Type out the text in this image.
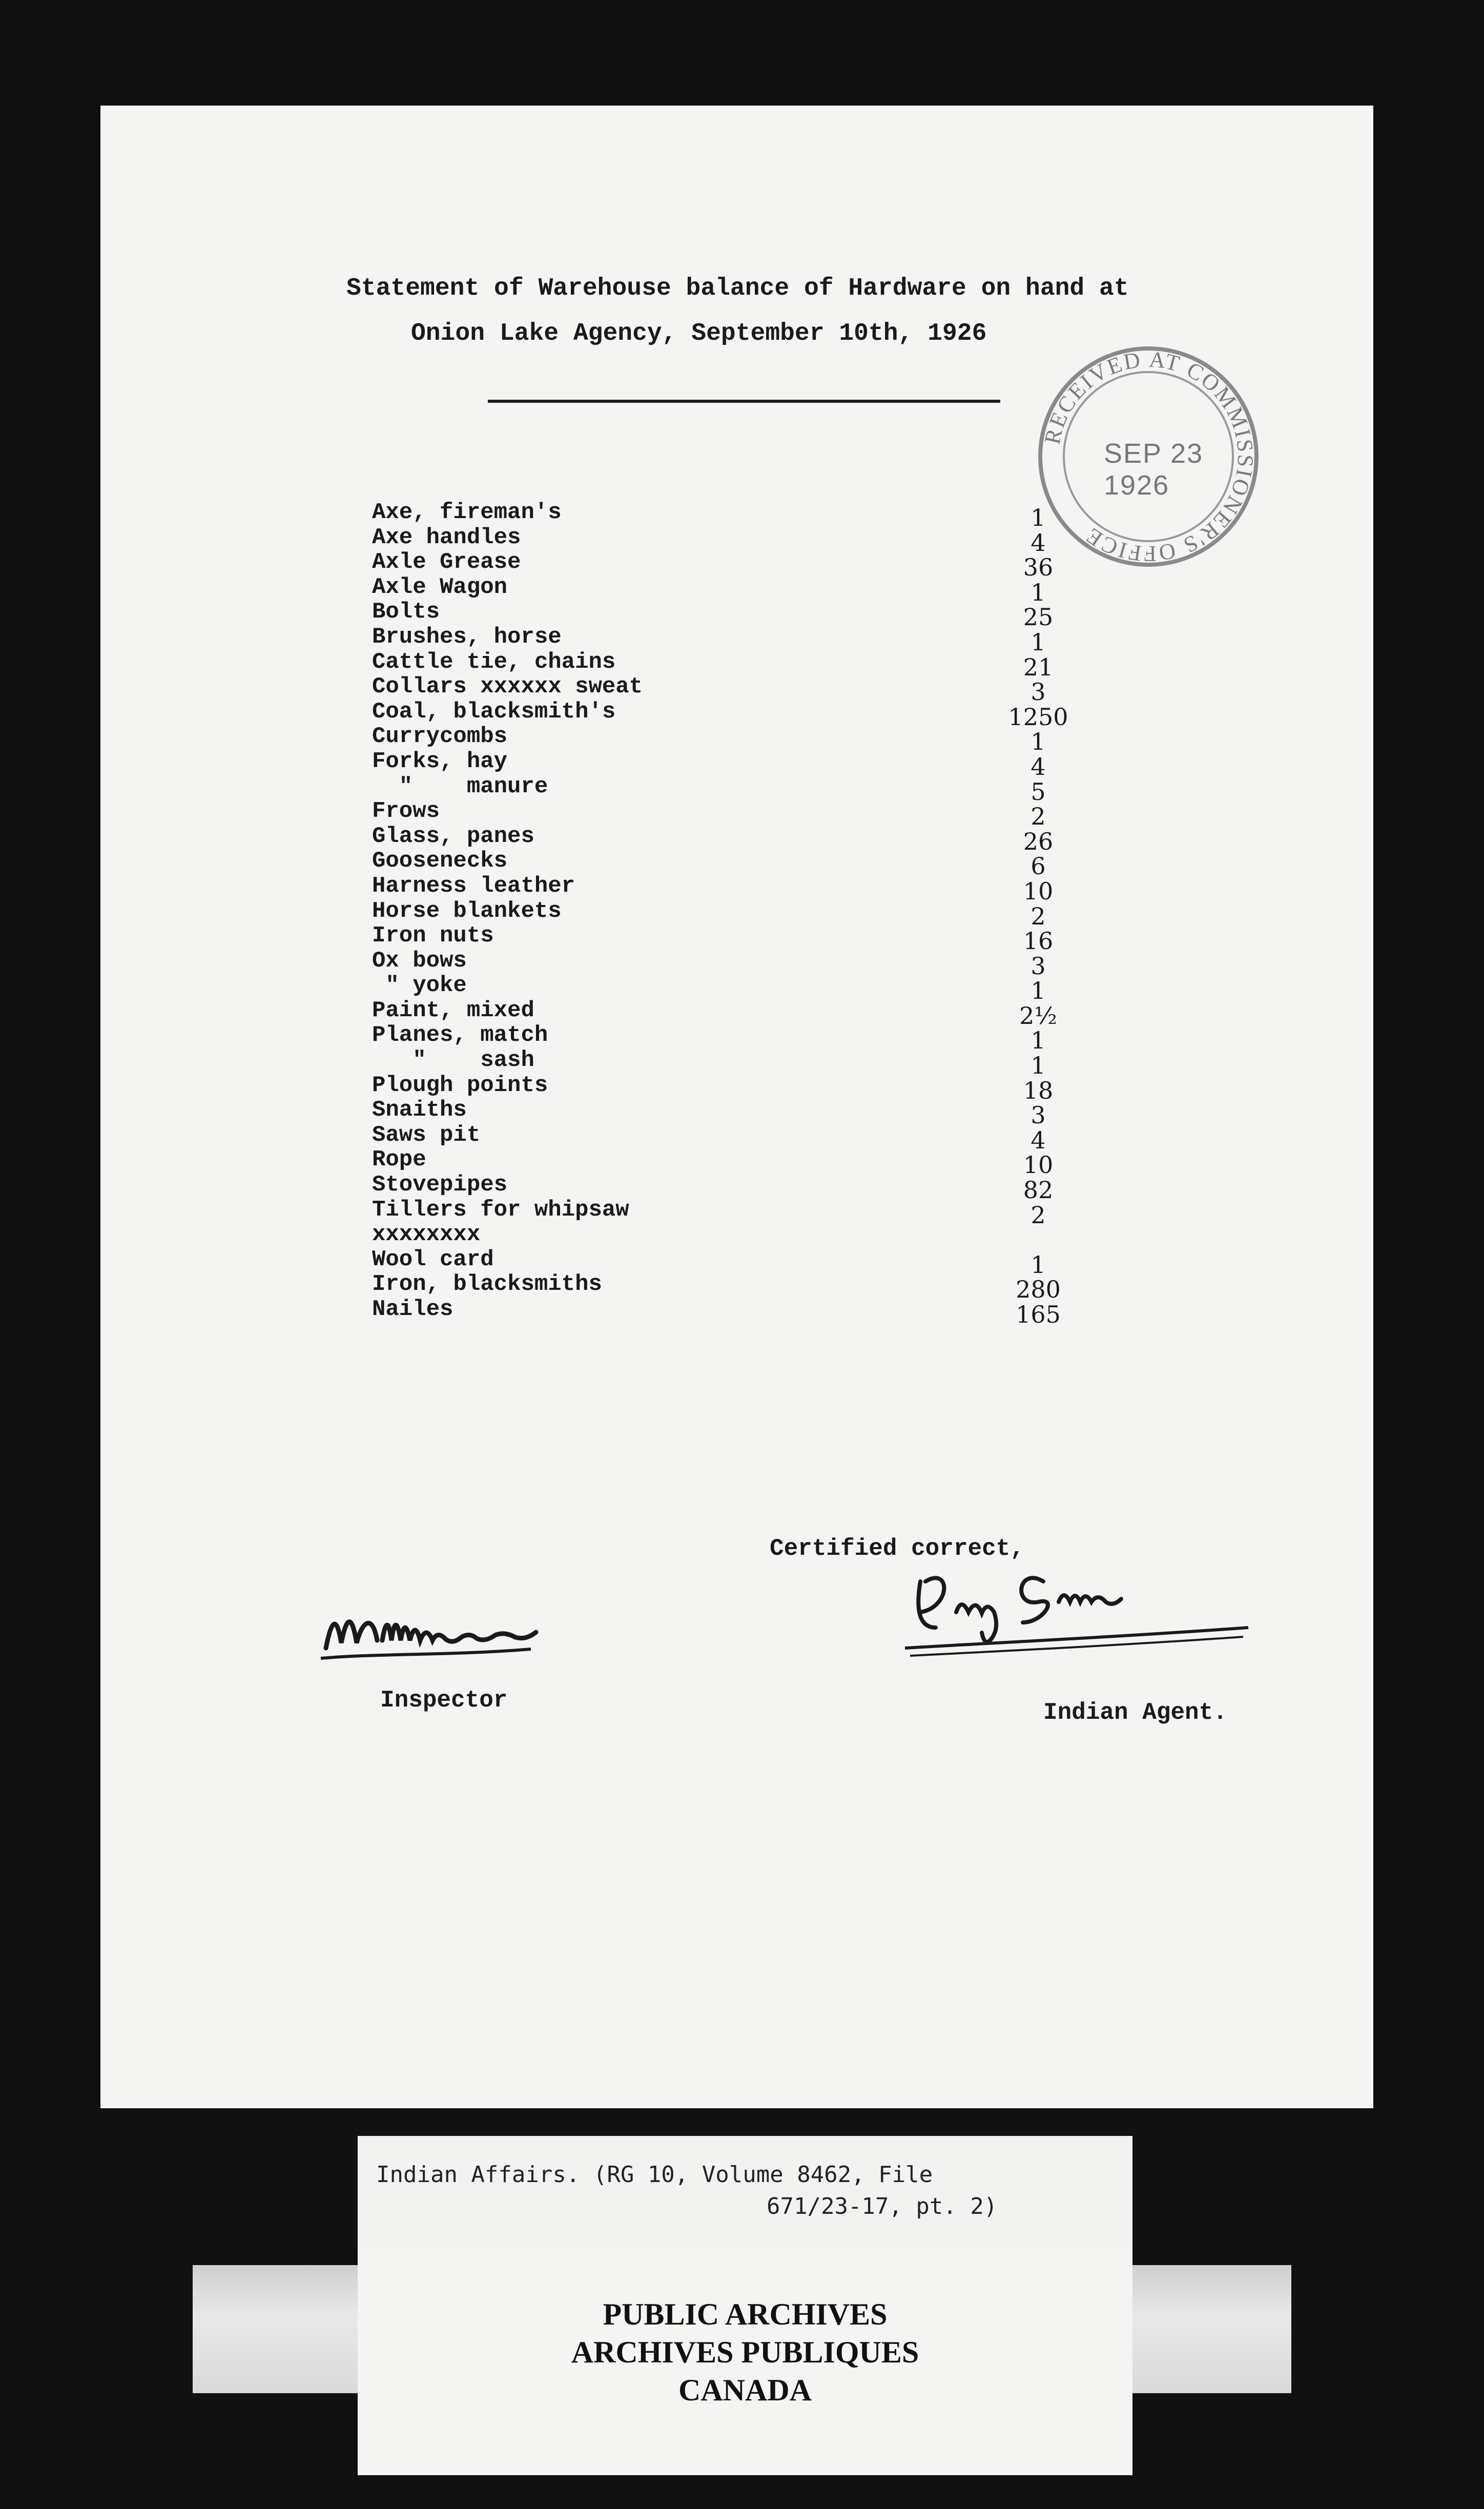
Statement of Warehouse balance of Hardware on hand at
Onion Lake Agency, September 10th, 1926
RECEIVED AT COMMISSIONER'S OFFICE
SEP 23 1926
Axe, fireman's	1
Axe handles	4
Axle Grease	36
Axle Wagon	1
Bolts	25
Brushes, horse	1
Cattle tie, chains	21
Collars xxxxxx sweat	3
Coal, blacksmith's	1250
Currycombs	1
Forks, hay	4
"    manure	5
Frows	2
Glass, panes	26
Goosenecks	6
Harness leather	10
Horse blankets	2
Iron nuts	16
Ox bows	3
" yoke	1
Paint, mixed	2½
Planes, match	1
"    sash	1
Plough points	18
Snaiths	3
Saws pit	4
Rope	10
Stovepipes	82
Tillers for whipsaw	2
xxxxxxxx
Wool card	1
Iron, blacksmiths	280
Nailes	165
Certified correct,
Inspector	Indian Agent.
Indian Affairs. (RG 10, Volume 8462, File
671/23-17, pt. 2)
PUBLIC ARCHIVES
ARCHIVES PUBLIQUES
CANADA
